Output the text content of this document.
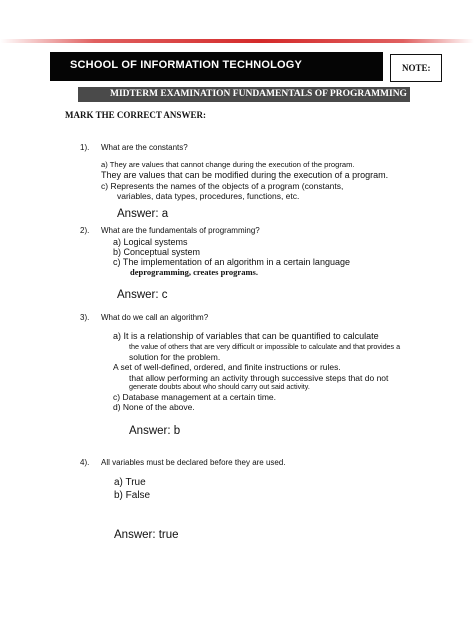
SCHOOL OF INFORMATION TECHNOLOGY	NOTE:
MIDTERM EXAMINATION FUNDAMENTALS OF PROGRAMMING
MARK THE CORRECT ANSWER:
1). What are the constants?
a) They are values that cannot change during the execution of the program.
They are values that can be modified during the execution of a program.
c) Represents the names of the objects of a program (constants,
variables, data types, procedures, functions, etc.
Answer: a
2). What are the fundamentals of programming?
a) Logical systems
b) Conceptual system
c) The implementation of an algorithm in a certain language
deprogramming, creates programs.
Answer: c
3). What do we call an algorithm?
a) It is a relationship of variables that can be quantified to calculate
the value of others that are very difficult or impossible to calculate and that provides a
solution for the problem.
A set of well-defined, ordered, and finite instructions or rules.
that allow performing an activity through successive steps that do not
generate doubts about who should carry out said activity.
c) Database management at a certain time.
d) None of the above.
Answer: b
4). All variables must be declared before they are used.
a) True
b) False
Answer: true
